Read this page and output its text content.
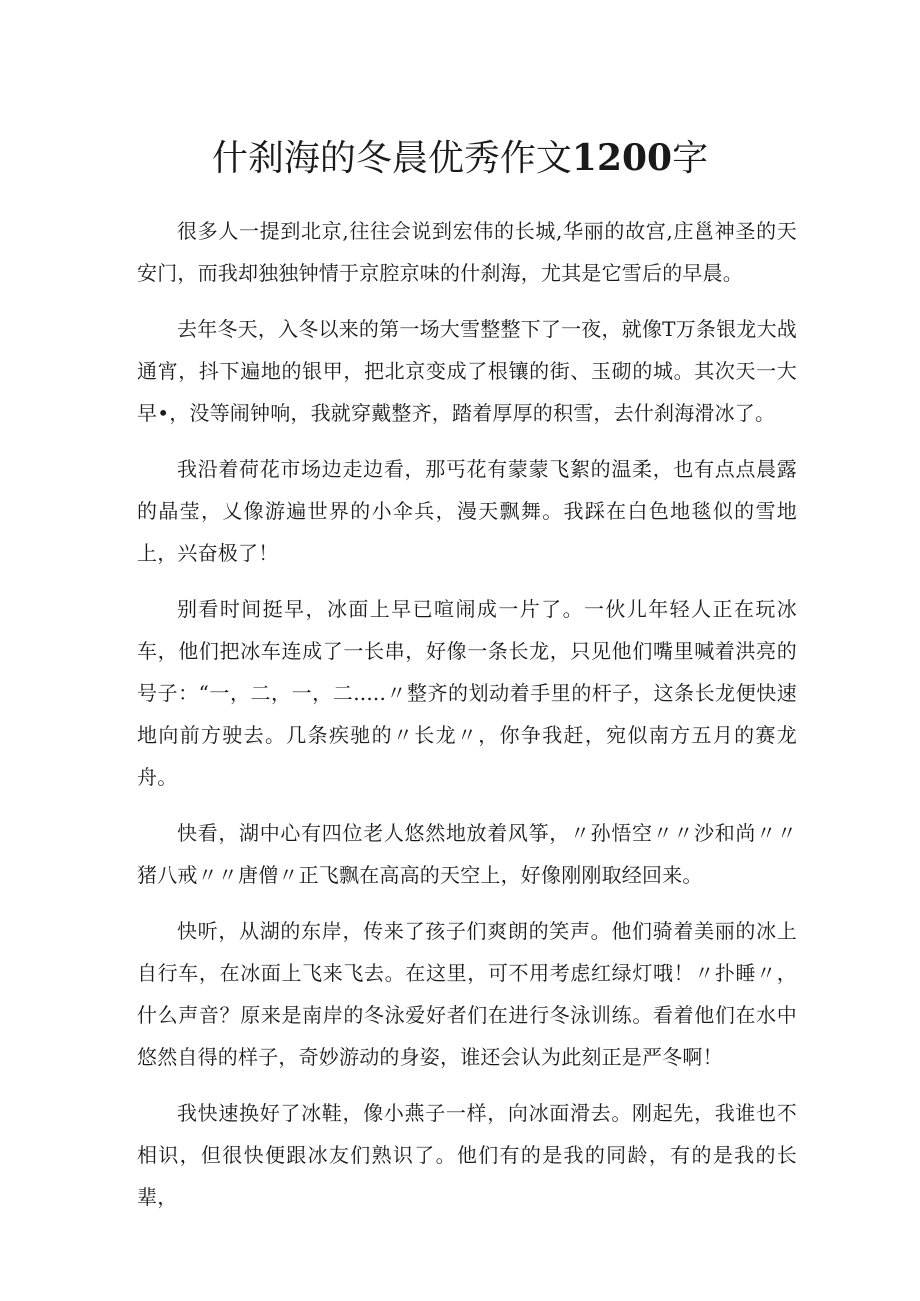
什刹海的冬晨优秀作文1200字

很多人一提到北京,往往会说到宏伟的长城,华丽的故宫,庄邕神圣的天安门，而我却独独钟情于京腔京味的什刹海，尤其是它雪后的早晨。

去年冬天，入冬以来的第一场大雪整整下了一夜，就像T万条银龙大战通宵，抖下遍地的银甲，把北京变成了根镶的街、玉砌的城。其次天一大早•，没等闹钟响，我就穿戴整齐，踏着厚厚的积雪，去什刹海滑冰了。

我沿着荷花市场边走边看，那丐花有蒙蒙飞絮的温柔，也有点点晨露的晶莹，乂像游遍世界的小伞兵，漫天飘舞。我踩在白色地毯似的雪地上，兴奋极了！

别看时间挺早，冰面上早已喧闹成一片了。一伙儿年轻人正在玩冰车，他们把冰车连成了一长串，好像一条长龙，只见他们嘴里喊着洪亮的号子：“一，二，一，二.....〃整齐的划动着手里的杆子，这条长龙便快速地向前方驶去。几条疾驰的〃长龙〃，你争我赶，宛似南方五月的赛龙舟。

快看，湖中心有四位老人悠然地放着风筝，〃孙悟空〃〃沙和尚〃〃猪八戒〃〃唐僧〃正飞飘在高高的天空上，好像刚刚取经回来。

快听，从湖的东岸，传来了孩子们爽朗的笑声。他们骑着美丽的冰上自行车，在冰面上飞来飞去。在这里，可不用考虑红绿灯哦！〃扑睡〃，什么声音？原来是南岸的冬泳爱好者们在进行冬泳训练。看着他们在水中悠然自得的样子，奇妙游动的身姿，谁还会认为此刻正是严冬啊！

我快速换好了冰鞋，像小燕子一样，向冰面滑去。刚起先，我谁也不相识，但很快便跟冰友们熟识了。他们有的是我的同龄，有的是我的长辈，
